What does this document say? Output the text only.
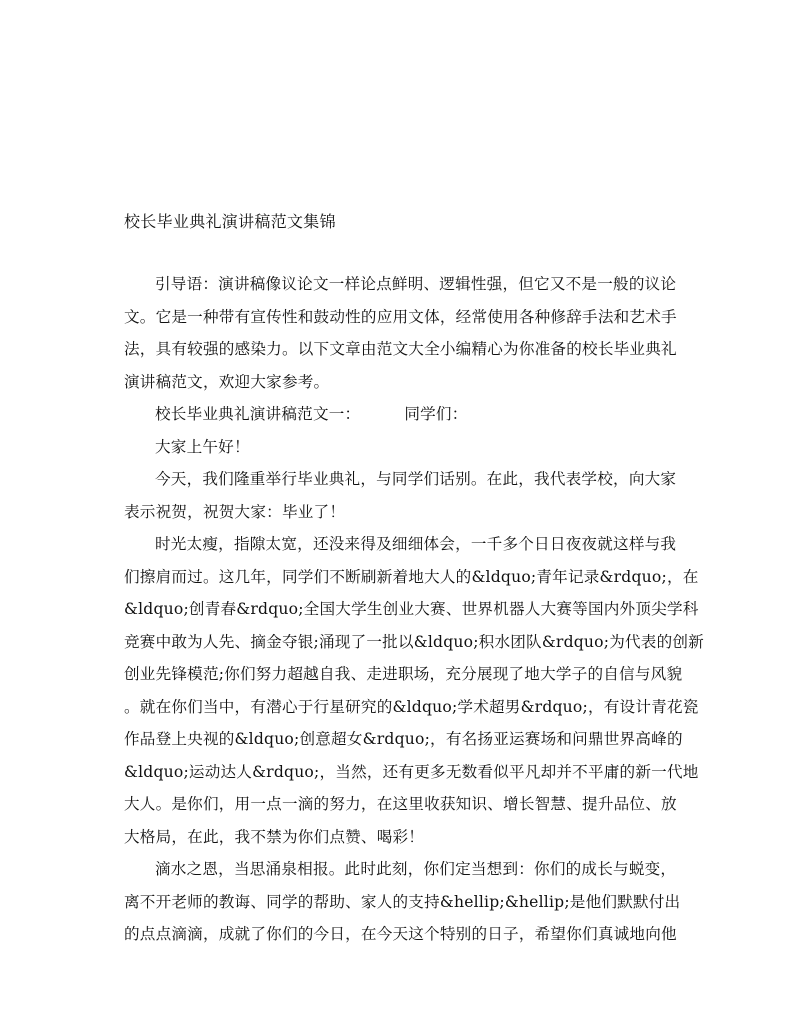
校长毕业典礼演讲稿范文集锦
引导语：演讲稿像议论文一样论点鲜明、逻辑性强，但它又不是一般的议论
文。它是一种带有宣传性和鼓动性的应用文体，经常使用各种修辞手法和艺术手
法，具有较强的感染力。以下文章由范文大全小编精心为你准备的校长毕业典礼
演讲稿范文，欢迎大家参考。
校长毕业典礼演讲稿范文一：	同学们：
大家上午好！
今天，我们隆重举行毕业典礼，与同学们话别。在此，我代表学校，向大家
表示祝贺，祝贺大家：毕业了！
时光太瘦，指隙太宽，还没来得及细细体会，一千多个日日夜夜就这样与我
们擦肩而过。这几年，同学们不断刷新着地大人的&ldquo;青年记录&rdquo;，在
&ldquo;创青春&rdquo;全国大学生创业大赛、世界机器人大赛等国内外顶尖学科
竞赛中敢为人先、摘金夺银;涌现了一批以&ldquo;积水团队&rdquo;为代表的创新
创业先锋模范;你们努力超越自我、走进职场，充分展现了地大学子的自信与风貌
。就在你们当中，有潜心于行星研究的&ldquo;学术超男&rdquo;，有设计青花瓷
作品登上央视的&ldquo;创意超女&rdquo;，有名扬亚运赛场和问鼎世界高峰的
&ldquo;运动达人&rdquo;，当然，还有更多无数看似平凡却并不平庸的新一代地
大人。是你们，用一点一滴的努力，在这里收获知识、增长智慧、提升品位、放
大格局，在此，我不禁为你们点赞、喝彩！
滴水之恩，当思涌泉相报。此时此刻，你们定当想到：你们的成长与蜕变，
离不开老师的教诲、同学的帮助、家人的支持&hellip;&hellip;是他们默默付出
的点点滴滴，成就了你们的今日，在今天这个特别的日子，希望你们真诚地向他
